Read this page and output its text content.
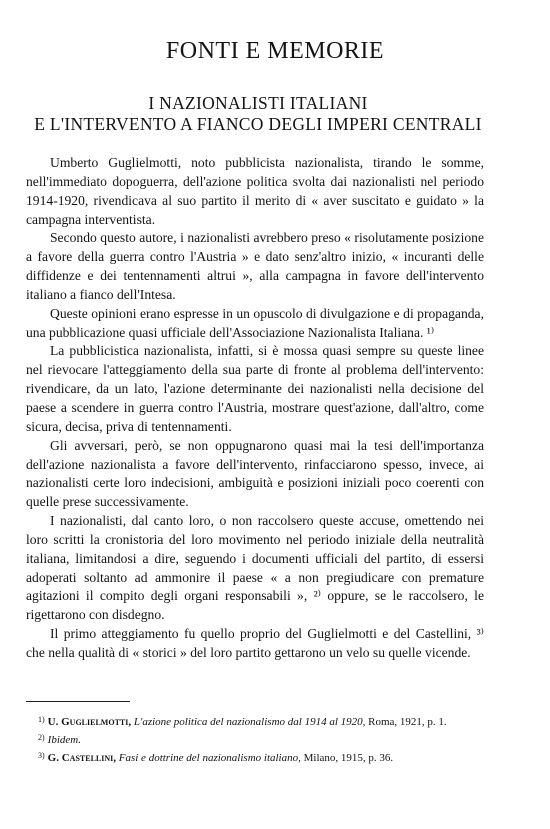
FONTI E MEMORIE
I NAZIONALISTI ITALIANI
E L'INTERVENTO A FIANCO DEGLI IMPERI CENTRALI

Umberto Guglielmotti, noto pubblicista nazionalista, tirando le somme, nell'immediato dopoguerra, dell'azione politica svolta dai nazionalisti nel periodo 1914-1920, rivendicava al suo partito il merito di « aver suscitato e guidato » la campagna interventista.

Secondo questo autore, i nazionalisti avrebbero preso « risolutamente posizione a favore della guerra contro l'Austria » e dato senz'altro inizio, « incuranti delle diffidenze e dei tentennamenti altrui », alla campagna in favore dell'intervento italiano a fianco dell'Intesa.

Queste opinioni erano espresse in un opuscolo di divulgazione e di propaganda, una pubblicazione quasi ufficiale dell'Associazione Nazionalista Italiana. ¹⁾

La pubblicistica nazionalista, infatti, si è mossa quasi sempre su queste linee nel rievocare l'atteggiamento della sua parte di fronte al problema dell'intervento: rivendicare, da un lato, l'azione determinante dei nazionalisti nella decisione del paese a scendere in guerra contro l'Austria, mostrare quest'azione, dall'altro, come sicura, decisa, priva di tentennamenti.

Gli avversari, però, se non oppugnarono quasi mai la tesi dell'importanza dell'azione nazionalista a favore dell'intervento, rinfacciarono spesso, invece, ai nazionalisti certe loro indecisioni, ambiguità e posizioni iniziali poco coerenti con quelle prese successivamente.

I nazionalisti, dal canto loro, o non raccolsero queste accuse, omettendo nei loro scritti la cronistoria del loro movimento nel periodo iniziale della neutralità italiana, limitandosi a dire, seguendo i documenti ufficiali del partito, di essersi adoperati soltanto ad ammonire il paese « a non pregiudicare con premature agitazioni il compito degli organi responsabili », ²⁾ oppure, se le raccolsero, le rigettarono con disdegno.

Il primo atteggiamento fu quello proprio del Guglielmotti e del Castellini, ³⁾ che nella qualità di « storici » del loro partito gettarono un velo su quelle vicende.

$^{1)}$ U. Guglielmotti, L'azione politica del nazionalismo dal 1914 al 1920, Roma, 1921, p. 1.

$^{2)}$ Ibidem.

$^{3)}$ G. Castellini, Fasi e dottrine del nazionalismo italiano, Milano, 1915, p. 36.
